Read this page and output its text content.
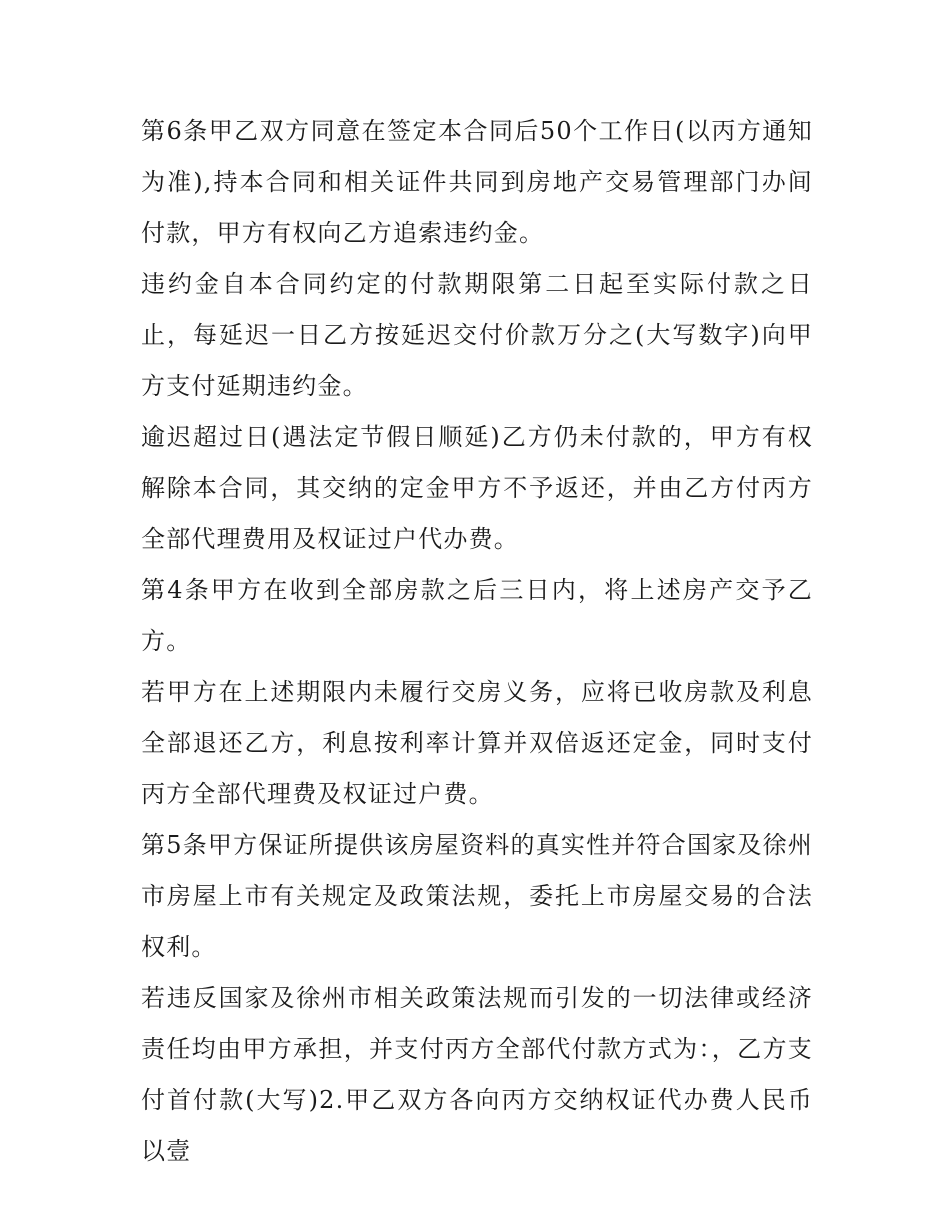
第6条甲乙双方同意在签定本合同后50个工作日(以丙方通知为准),持本合同和相关证件共同到房地产交易管理部门办间付款，甲方有权向乙方追索违约金。

违约金自本合同约定的付款期限第二日起至实际付款之日止，每延迟一日乙方按延迟交付价款万分之(大写数字)向甲方支付延期违约金。

逾迟超过日(遇法定节假日顺延)乙方仍未付款的，甲方有权解除本合同，其交纳的定金甲方不予返还，并由乙方付丙方全部代理费用及权证过户代办费。

第4条甲方在收到全部房款之后三日内，将上述房产交予乙方。

若甲方在上述期限内未履行交房义务，应将已收房款及利息全部退还乙方，利息按利率计算并双倍返还定金，同时支付丙方全部代理费及权证过户费。

第5条甲方保证所提供该房屋资料的真实性并符合国家及徐州市房屋上市有关规定及政策法规，委托上市房屋交易的合法权利。

若违反国家及徐州市相关政策法规而引发的一切法律或经济责任均由甲方承担，并支付丙方全部代付款方式为：，乙方支付首付款(大写)2.甲乙双方各向丙方交纳权证代办费人民币以壹
